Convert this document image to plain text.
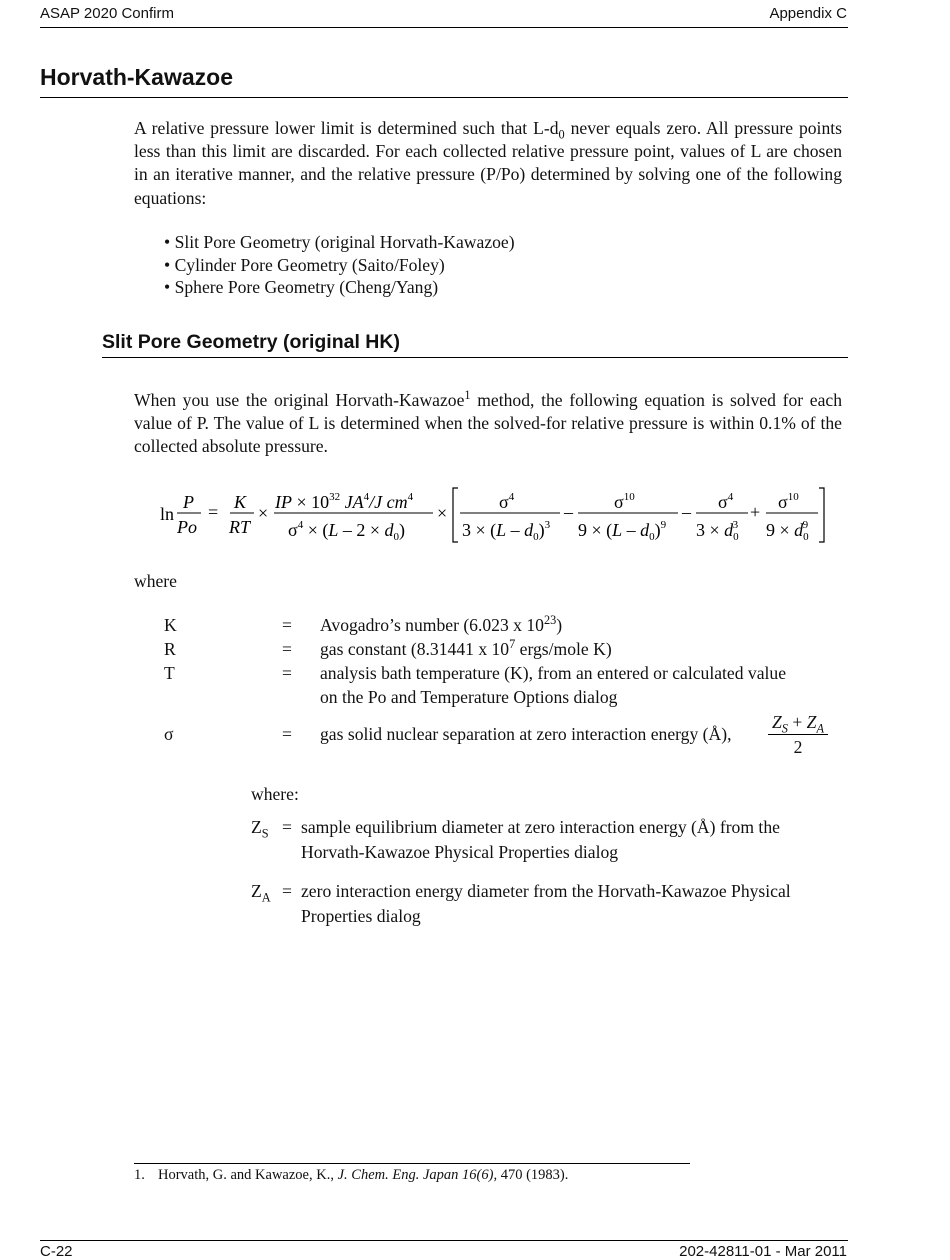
ASAP 2020 Confirm	Appendix C
Horvath-Kawazoe
A relative pressure lower limit is determined such that $L-d_0$ never equals zero. All pressure points less than this limit are discarded. For each collected relative pressure point, values of L are chosen in an iterative manner, and the relative pressure (P/Po) determined by solving one of the following equations:
• Slit Pore Geometry (original Horvath-Kawazoe)
• Cylinder Pore Geometry (Saito/Foley)
• Sphere Pore Geometry (Cheng/Yang)
Slit Pore Geometry (original HK)
When you use the original Horvath-Kawazoe$^1$ method, the following equation is solved for each value of P. The value of L is determined when the solved-for relative pressure is within 0.1% of the collected absolute pressure.
ln
P
Po
= K
RT
×
IP × $10^{32}$ $JA^4/J$ $cm^4$
$\sigma^4 \times (L - 2 \times d_0)$
×
$\sigma^4$
$3 \times (L - d_0)^3$
– $\sigma^{10}$
$9 \times (L - d_0)^9$
– $\sigma^4$
$3 \times d_03$
+ $\sigma^{10}$
$9 \times d_09$
where
K	= Avogadro’s number (6.023 x $10^{23}$)
R	= gas constant (8.31441 x $10^7$ ergs/mole K)
T	= analysis bath temperature (K), from an entered or calculated value on the Po and Temperature Options dialog
σ	= gas solid nuclear separation at zero interaction energy (Å),	$\frac{Z_S + Z_A}{2}$
where:
$Z_S$ = sample equilibrium diameter at zero interaction energy (Å) from the Horvath-Kawazoe Physical Properties dialog
$Z_A$ = zero interaction energy diameter from the Horvath-Kawazoe Physical Properties dialog
1. Horvath, G. and Kawazoe, K., J. Chem. Eng. Japan 16(6), 470 (1983).
C-22	202-42811-01 - Mar 2011
